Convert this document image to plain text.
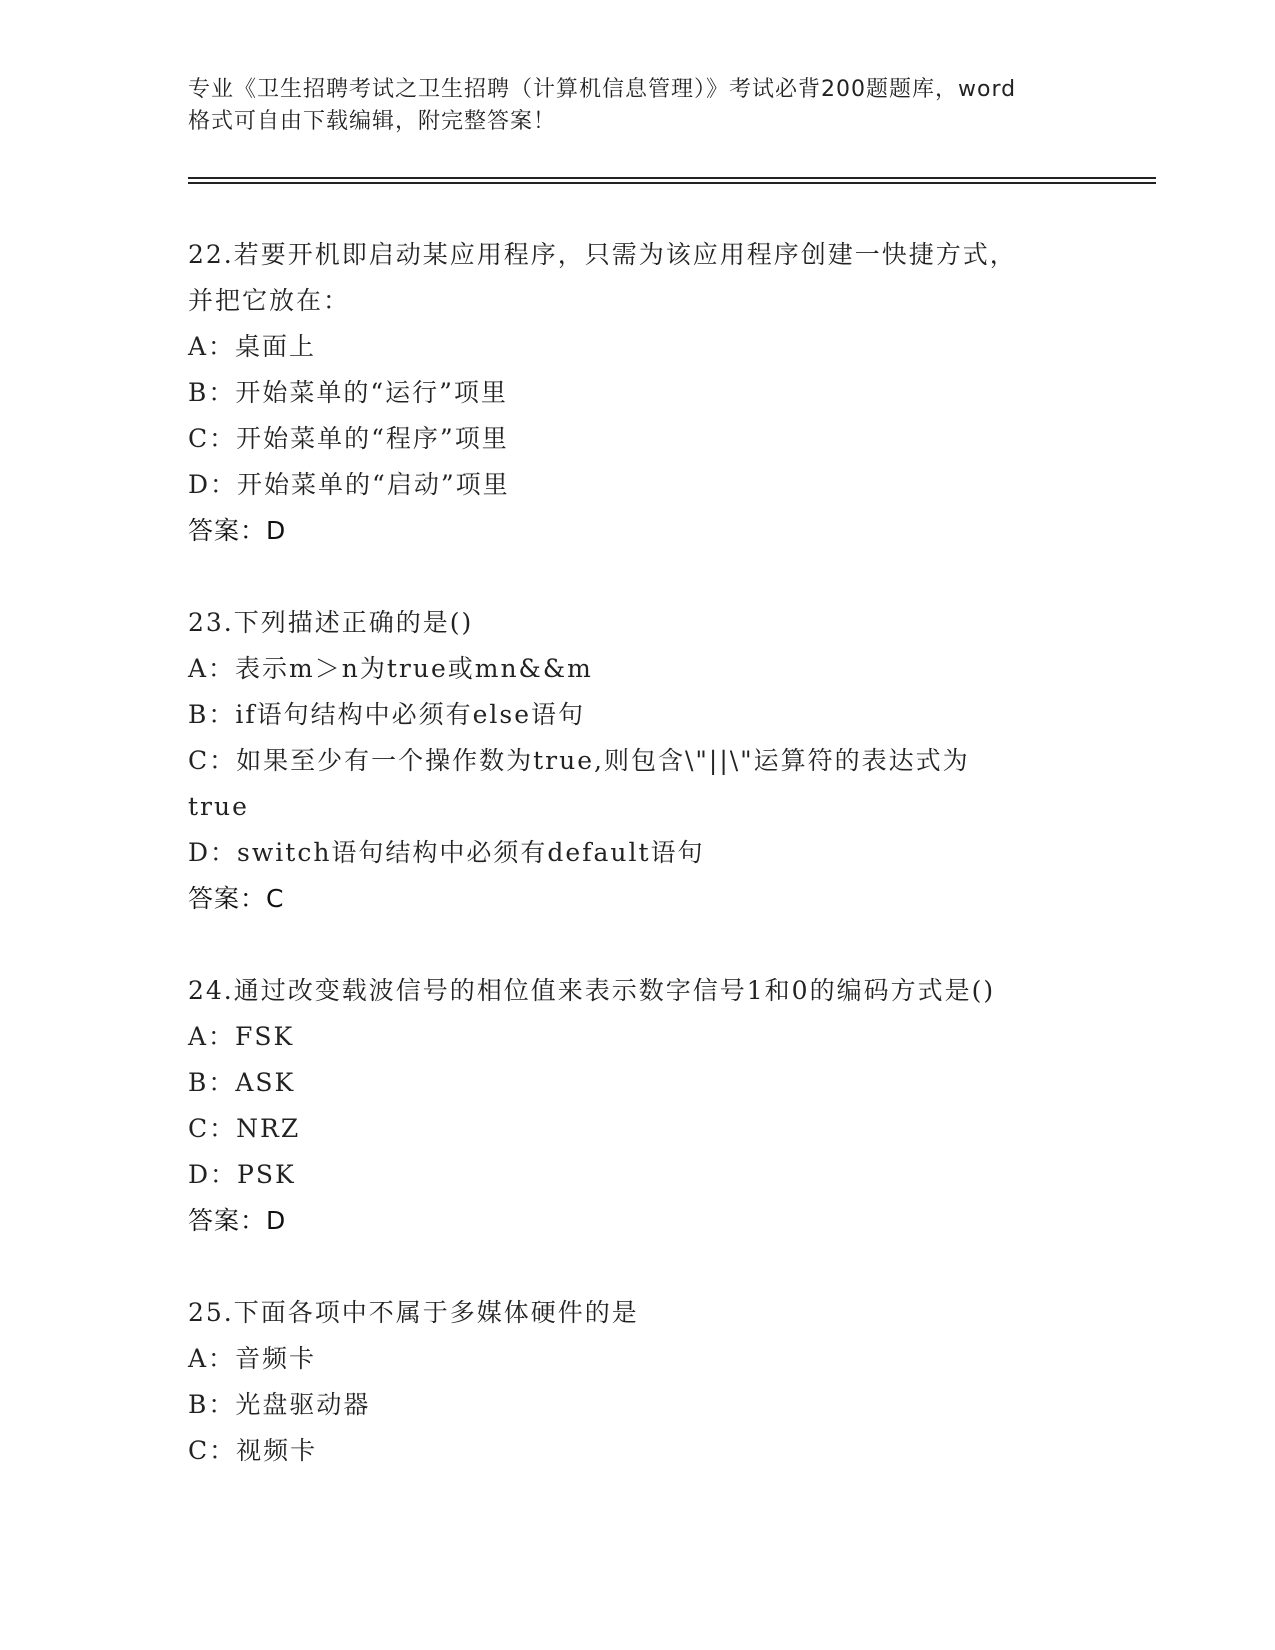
专业《卫生招聘考试之卫生招聘（计算机信息管理）》考试必背200题题库，word
格式可自由下载编辑，附完整答案！
22.若要开机即启动某应用程序，只需为该应用程序创建一快捷方式，
并把它放在：
A：桌面上
B：开始菜单的“运行”项里
C：开始菜单的“程序”项里
D：开始菜单的“启动”项里
答案：D
23.下列描述正确的是()
A：表示m＞n为true或mn&&m
B：if语句结构中必须有else语句
C：如果至少有一个操作数为true,则包含\"||\"运算符的表达式为
true
D：switch语句结构中必须有default语句
答案：C
24.通过改变载波信号的相位值来表示数字信号1和0的编码方式是()
A：FSK
B：ASK
C：NRZ
D：PSK
答案：D
25.下面各项中不属于多媒体硬件的是
A：音频卡
B：光盘驱动器
C：视频卡
